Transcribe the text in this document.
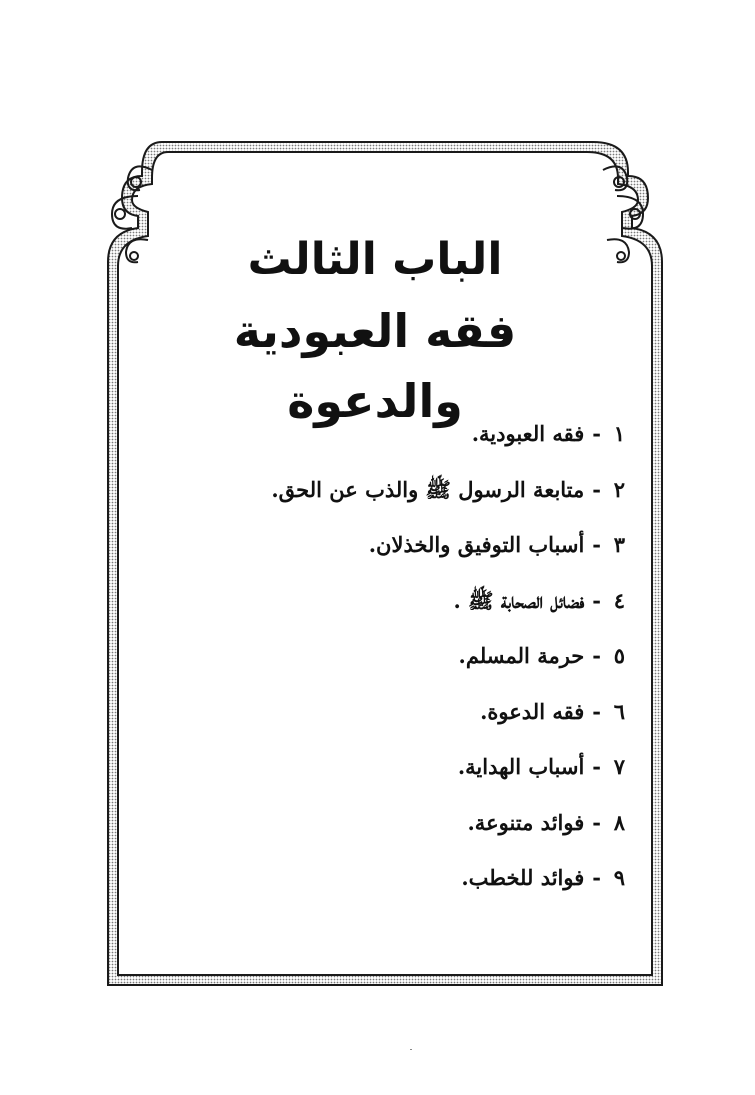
الباب الثالث
فقه العبودية والدعوة
١-فقه العبودية.
٢-متابعة الرسول ﷺ والذب عن الحق.
٣-أسباب التوفيق والخذلان.
٤-فضائل الصحابة ﷺ .
٥-حرمة المسلم.
٦-فقه الدعوة.
٧-أسباب الهداية.
٨-فوائد متنوعة.
٩-فوائد للخطب.
